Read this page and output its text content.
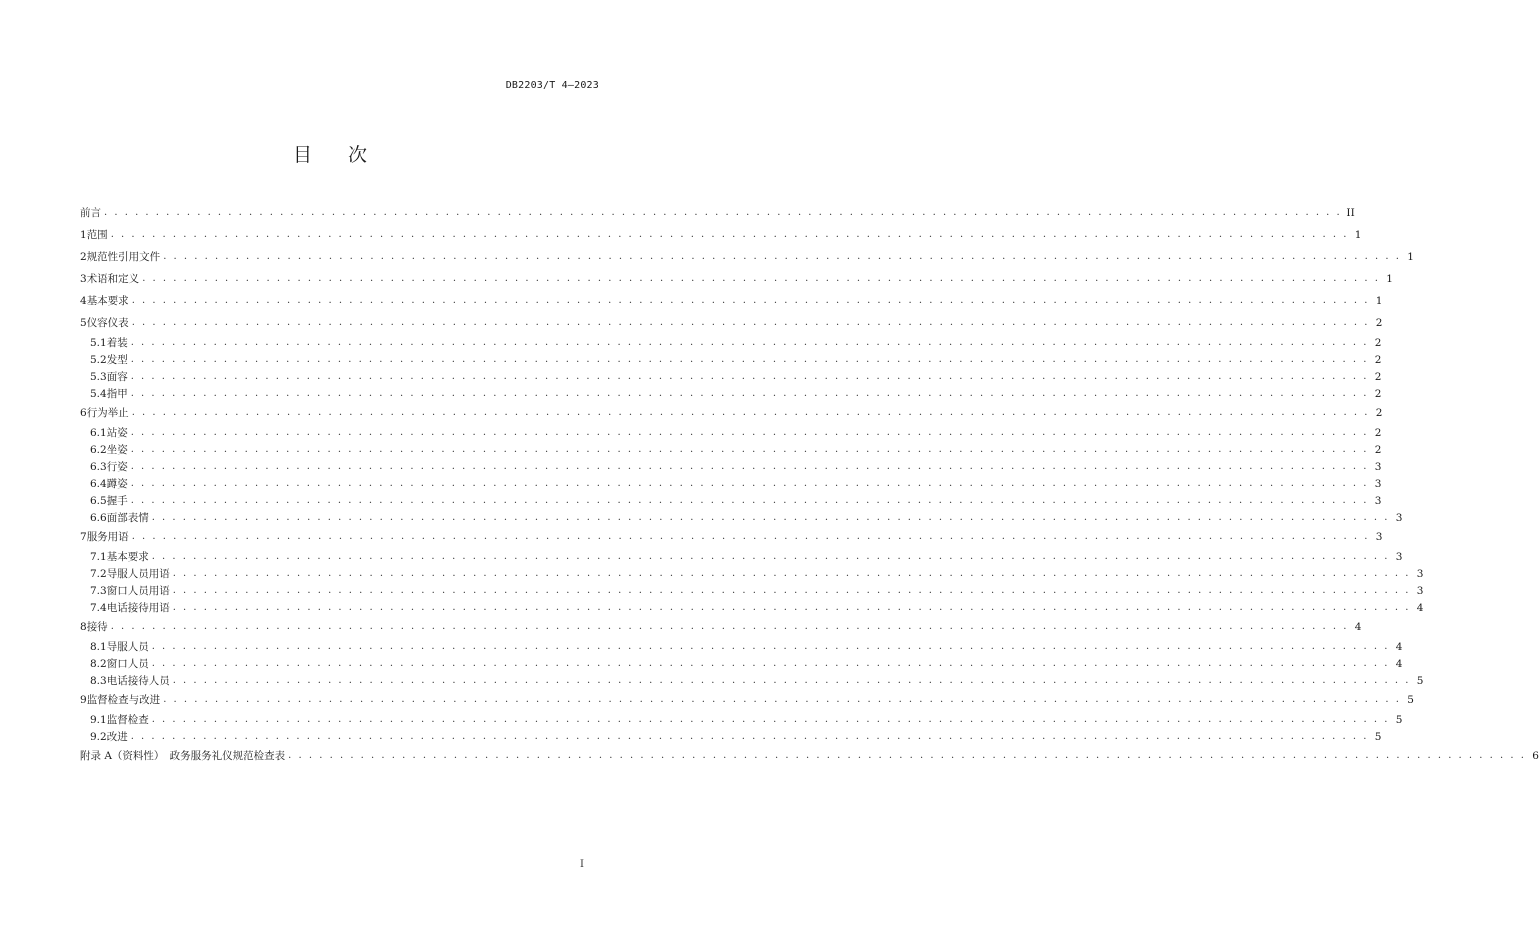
DB2203/T 4—2023
目 次
前言 . . . . . . . . . . . . . . . . . . . . . . . . . . . . . . . . . . . . . . . . . . . . . . . . . . . . . . . . . . . . . . . . . . . . . . . . . . . . . . . . . . . . . . . . . . . . . . . . . . . . . . . . . . . . . . . . . . . . . . . . II
1 范围 . . . . . . . . . . . . . . . . . . . . . . . . . . . . . . . . . . . . . . . . . . . . . . . . . . . . . . . . . . . . . . . . . . . . . . . . . . . . . . . . . . . . . . . . . . . . . . . . . . . . . . . . . . . . . . . . . . . . . . . . 1
2 规范性引用文件 . . . . . . . . . . . . . . . . . . . . . . . . . . . . . . . . . . . . . . . . . . . . . . . . . . . . . . . . . . . . . . . . . . . . . . . . . . . . . . . . . . . . . . . . . . . . . . . . . . . . . . . . . . . . . . . . . . . . . . . . 1
3 术语和定义 . . . . . . . . . . . . . . . . . . . . . . . . . . . . . . . . . . . . . . . . . . . . . . . . . . . . . . . . . . . . . . . . . . . . . . . . . . . . . . . . . . . . . . . . . . . . . . . . . . . . . . . . . . . . . . . . . . . . . . . . 1
4 基本要求 . . . . . . . . . . . . . . . . . . . . . . . . . . . . . . . . . . . . . . . . . . . . . . . . . . . . . . . . . . . . . . . . . . . . . . . . . . . . . . . . . . . . . . . . . . . . . . . . . . . . . . . . . . . . . . . . . . . . . . . . 1
5 仪容仪表 . . . . . . . . . . . . . . . . . . . . . . . . . . . . . . . . . . . . . . . . . . . . . . . . . . . . . . . . . . . . . . . . . . . . . . . . . . . . . . . . . . . . . . . . . . . . . . . . . . . . . . . . . . . . . . . . . . . . . . . . 2
5.1 着装 . . . . . . . . . . . . . . . . . . . . . . . . . . . . . . . . . . . . . . . . . . . . . . . . . . . . . . . . . . . . . . . . . . . . . . . . . . . . . . . . . . . . . . . . . . . . . . . . . . . . . . . . . . . . . . . . . . . . . . . . 2
5.2 发型 . . . . . . . . . . . . . . . . . . . . . . . . . . . . . . . . . . . . . . . . . . . . . . . . . . . . . . . . . . . . . . . . . . . . . . . . . . . . . . . . . . . . . . . . . . . . . . . . . . . . . . . . . . . . . . . . . . . . . . . . 2
5.3 面容 . . . . . . . . . . . . . . . . . . . . . . . . . . . . . . . . . . . . . . . . . . . . . . . . . . . . . . . . . . . . . . . . . . . . . . . . . . . . . . . . . . . . . . . . . . . . . . . . . . . . . . . . . . . . . . . . . . . . . . . . 2
5.4 指甲 . . . . . . . . . . . . . . . . . . . . . . . . . . . . . . . . . . . . . . . . . . . . . . . . . . . . . . . . . . . . . . . . . . . . . . . . . . . . . . . . . . . . . . . . . . . . . . . . . . . . . . . . . . . . . . . . . . . . . . . . 2
6 行为举止 . . . . . . . . . . . . . . . . . . . . . . . . . . . . . . . . . . . . . . . . . . . . . . . . . . . . . . . . . . . . . . . . . . . . . . . . . . . . . . . . . . . . . . . . . . . . . . . . . . . . . . . . . . . . . . . . . . . . . . . . 2
6.1 站姿 . . . . . . . . . . . . . . . . . . . . . . . . . . . . . . . . . . . . . . . . . . . . . . . . . . . . . . . . . . . . . . . . . . . . . . . . . . . . . . . . . . . . . . . . . . . . . . . . . . . . . . . . . . . . . . . . . . . . . . . . 2
6.2 坐姿 . . . . . . . . . . . . . . . . . . . . . . . . . . . . . . . . . . . . . . . . . . . . . . . . . . . . . . . . . . . . . . . . . . . . . . . . . . . . . . . . . . . . . . . . . . . . . . . . . . . . . . . . . . . . . . . . . . . . . . . . 2
6.3 行姿 . . . . . . . . . . . . . . . . . . . . . . . . . . . . . . . . . . . . . . . . . . . . . . . . . . . . . . . . . . . . . . . . . . . . . . . . . . . . . . . . . . . . . . . . . . . . . . . . . . . . . . . . . . . . . . . . . . . . . . . . 3
6.4 蹲姿 . . . . . . . . . . . . . . . . . . . . . . . . . . . . . . . . . . . . . . . . . . . . . . . . . . . . . . . . . . . . . . . . . . . . . . . . . . . . . . . . . . . . . . . . . . . . . . . . . . . . . . . . . . . . . . . . . . . . . . . . 3
6.5 握手 . . . . . . . . . . . . . . . . . . . . . . . . . . . . . . . . . . . . . . . . . . . . . . . . . . . . . . . . . . . . . . . . . . . . . . . . . . . . . . . . . . . . . . . . . . . . . . . . . . . . . . . . . . . . . . . . . . . . . . . . 3
6.6 面部表情 . . . . . . . . . . . . . . . . . . . . . . . . . . . . . . . . . . . . . . . . . . . . . . . . . . . . . . . . . . . . . . . . . . . . . . . . . . . . . . . . . . . . . . . . . . . . . . . . . . . . . . . . . . . . . . . . . . . . . . . . 3
7 服务用语 . . . . . . . . . . . . . . . . . . . . . . . . . . . . . . . . . . . . . . . . . . . . . . . . . . . . . . . . . . . . . . . . . . . . . . . . . . . . . . . . . . . . . . . . . . . . . . . . . . . . . . . . . . . . . . . . . . . . . . . . 3
7.1 基本要求 . . . . . . . . . . . . . . . . . . . . . . . . . . . . . . . . . . . . . . . . . . . . . . . . . . . . . . . . . . . . . . . . . . . . . . . . . . . . . . . . . . . . . . . . . . . . . . . . . . . . . . . . . . . . . . . . . . . . . . . . 3
7.2 导服人员用语 . . . . . . . . . . . . . . . . . . . . . . . . . . . . . . . . . . . . . . . . . . . . . . . . . . . . . . . . . . . . . . . . . . . . . . . . . . . . . . . . . . . . . . . . . . . . . . . . . . . . . . . . . . . . . . . . . . . . . . . . 3
7.3 窗口人员用语 . . . . . . . . . . . . . . . . . . . . . . . . . . . . . . . . . . . . . . . . . . . . . . . . . . . . . . . . . . . . . . . . . . . . . . . . . . . . . . . . . . . . . . . . . . . . . . . . . . . . . . . . . . . . . . . . . . . . . . . . 3
7.4 电话接待用语 . . . . . . . . . . . . . . . . . . . . . . . . . . . . . . . . . . . . . . . . . . . . . . . . . . . . . . . . . . . . . . . . . . . . . . . . . . . . . . . . . . . . . . . . . . . . . . . . . . . . . . . . . . . . . . . . . . . . . . . . 4
8 接待 . . . . . . . . . . . . . . . . . . . . . . . . . . . . . . . . . . . . . . . . . . . . . . . . . . . . . . . . . . . . . . . . . . . . . . . . . . . . . . . . . . . . . . . . . . . . . . . . . . . . . . . . . . . . . . . . . . . . . . . . 4
8.1 导服人员 . . . . . . . . . . . . . . . . . . . . . . . . . . . . . . . . . . . . . . . . . . . . . . . . . . . . . . . . . . . . . . . . . . . . . . . . . . . . . . . . . . . . . . . . . . . . . . . . . . . . . . . . . . . . . . . . . . . . . . . . 4
8.2 窗口人员 . . . . . . . . . . . . . . . . . . . . . . . . . . . . . . . . . . . . . . . . . . . . . . . . . . . . . . . . . . . . . . . . . . . . . . . . . . . . . . . . . . . . . . . . . . . . . . . . . . . . . . . . . . . . . . . . . . . . . . . . 4
8.3 电话接待人员 . . . . . . . . . . . . . . . . . . . . . . . . . . . . . . . . . . . . . . . . . . . . . . . . . . . . . . . . . . . . . . . . . . . . . . . . . . . . . . . . . . . . . . . . . . . . . . . . . . . . . . . . . . . . . . . . . . . . . . . . 5
9 监督检查与改进 . . . . . . . . . . . . . . . . . . . . . . . . . . . . . . . . . . . . . . . . . . . . . . . . . . . . . . . . . . . . . . . . . . . . . . . . . . . . . . . . . . . . . . . . . . . . . . . . . . . . . . . . . . . . . . . . . . . . . . . . 5
9.1 监督检查 . . . . . . . . . . . . . . . . . . . . . . . . . . . . . . . . . . . . . . . . . . . . . . . . . . . . . . . . . . . . . . . . . . . . . . . . . . . . . . . . . . . . . . . . . . . . . . . . . . . . . . . . . . . . . . . . . . . . . . . . 5
9.2 改进 . . . . . . . . . . . . . . . . . . . . . . . . . . . . . . . . . . . . . . . . . . . . . . . . . . . . . . . . . . . . . . . . . . . . . . . . . . . . . . . . . . . . . . . . . . . . . . . . . . . . . . . . . . . . . . . . . . . . . . . . 5
附录 A（资料性）　政务服务礼仪规范检查表 . . . . . . . . . . . . . . . . . . . . . . . . . . . . . . . . . . . . . . . . . . . . . . . . . . . . . . . . . . . . . . . . . . . . . . . . . . . . . . . . . . . . . . . . . . . . . . . . . . . . . . . . . . . . . . . . . . . . . . . . 6
I
